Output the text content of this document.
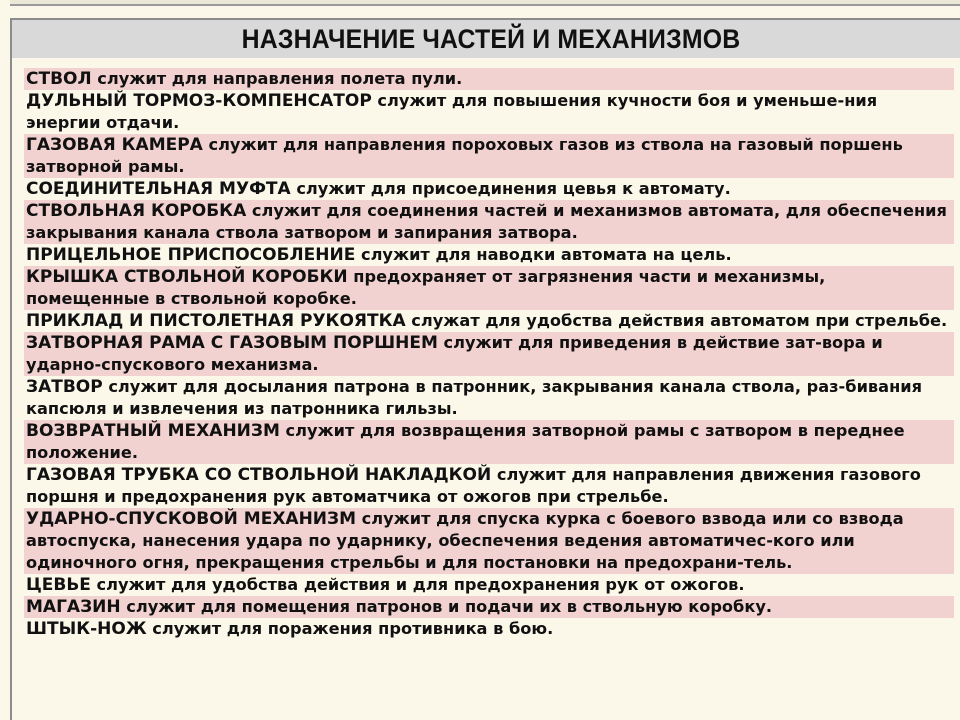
НАЗНАЧЕНИЕ ЧАСТЕЙ И МЕХАНИЗМОВ
СТВОЛ служит для направления полета пули.
ДУЛЬНЫЙ ТОРМОЗ-КОМПЕНСАТОР служит для повышения кучности боя и уменьше-ния энергии отдачи.
ГАЗОВАЯ КАМЕРА служит для направления пороховых газов из ствола на газовый поршень затворной рамы.
СОЕДИНИТЕЛЬНАЯ МУФТА служит для присоединения цевья к автомату.
СТВОЛЬНАЯ КОРОБКА служит для соединения частей и механизмов автомата, для обеспечения закрывания канала ствола затвором и запирания затвора.
ПРИЦЕЛЬНОЕ ПРИСПОСОБЛЕНИЕ служит для наводки автомата на цель.
КРЫШКА СТВОЛЬНОЙ КОРОБКИ предохраняет от загрязнения части и механизмы, помещенные в ствольной коробке.
ПРИКЛАД И ПИСТОЛЕТНАЯ РУКОЯТКА служат для удобства действия автоматом при стрельбе.
ЗАТВОРНАЯ РАМА С ГАЗОВЫМ ПОРШНЕМ служит для приведения в действие зат-вора и ударно-спускового механизма.
ЗАТВОР служит для досылания патрона в патронник, закрывания канала ствола, раз-бивания капсюля и извлечения из патронника гильзы.
ВОЗВРАТНЫЙ МЕХАНИЗМ служит для возвращения затворной рамы с затвором в переднее положение.
ГАЗОВАЯ ТРУБКА СО СТВОЛЬНОЙ НАКЛАДКОЙ служит для направления движения газового поршня и предохранения рук автоматчика от ожогов при стрельбе.
УДАРНО-СПУСКОВОЙ МЕХАНИЗМ служит для спуска курка с боевого взвода или со взвода автоспуска, нанесения удара по ударнику, обеспечения ведения автоматичес-кого или одиночного огня, прекращения стрельбы и для постановки на предохрани-тель.
ЦЕВЬЕ служит для удобства действия и для предохранения рук от ожогов.
МАГАЗИН служит для помещения патронов и подачи их в ствольную коробку.
ШТЫК-НОЖ служит для поражения противника в бою.
